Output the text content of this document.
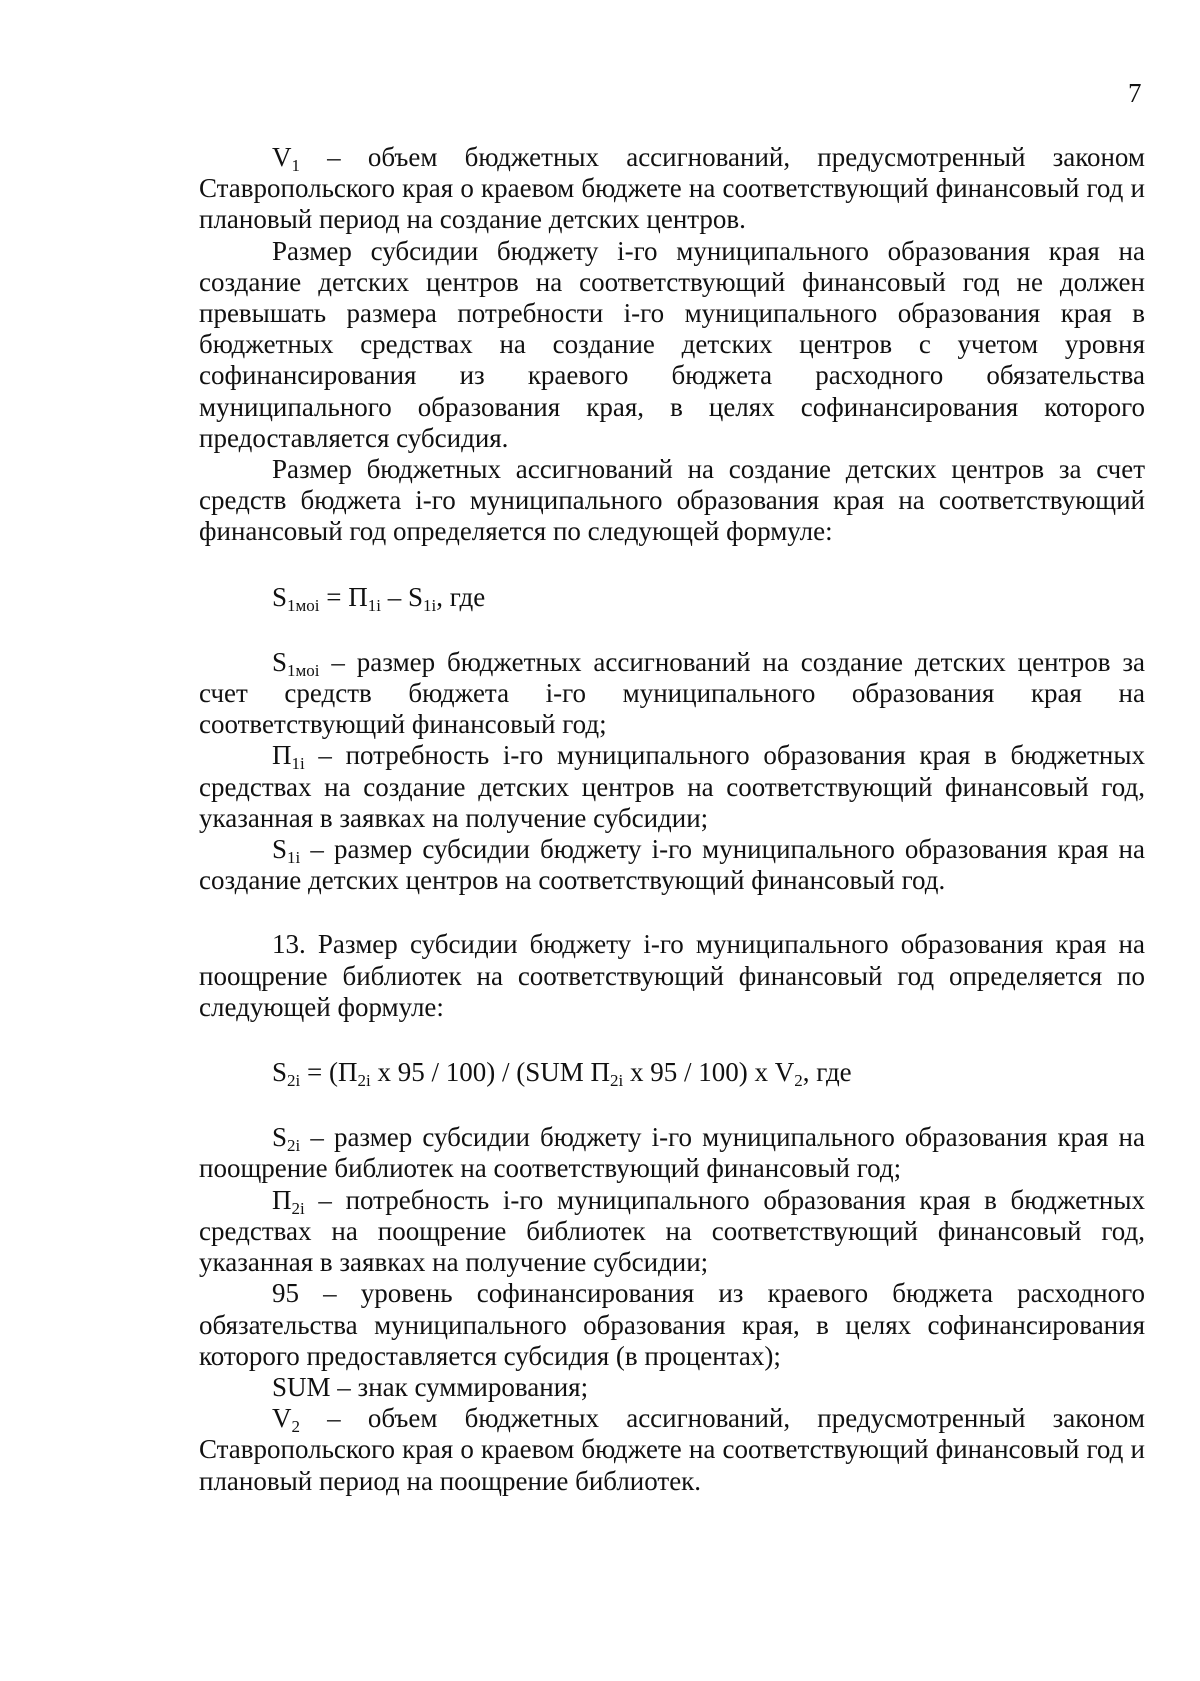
7

$V_1$ – объем бюджетных ассигнований, предусмотренный законом Ставропольского края о краевом бюджете на соответствующий финансовый год и плановый период на создание детских центров.

Размер субсидии бюджету i-го муниципального образования края на создание детских центров на соответствующий финансовый год не должен превышать размера потребности i-го муниципального образования края в бюджетных средствах на создание детских центров с учетом уровня софинансирования из краевого бюджета расходного обязательства муниципального образования края, в целях софинансирования которого предоставляется субсидия.

Размер бюджетных ассигнований на создание детских центров за счет средств бюджета i-го муниципального образования края на соответствующий финансовый год определяется по следующей формуле:

$S_{1моi} = П_{1i} - S_{1i}$, где

$S_{1моi}$ – размер бюджетных ассигнований на создание детских центров за счет средств бюджета i-го муниципального образования края на соответствующий финансовый год;

$П_{1i}$ – потребность i-го муниципального образования края в бюджетных средствах на создание детских центров на соответствующий финансовый год, указанная в заявках на получение субсидии;

$S_{1i}$ – размер субсидии бюджету i-го муниципального образования края на создание детских центров на соответствующий финансовый год.

13. Размер субсидии бюджету i-го муниципального образования края на поощрение библиотек на соответствующий финансовый год определяется по следующей формуле:

$S_{2i} = (П_{2i}$ х 95 / 100) / (SUM $П_{2i}$ х 95 / 100) х $V_2$, где

$S_{2i}$ – размер субсидии бюджету i-го муниципального образования края на поощрение библиотек на соответствующий финансовый год;

$П_{2i}$ – потребность i-го муниципального образования края в бюджетных средствах на поощрение библиотек на соответствующий финансовый год, указанная в заявках на получение субсидии;

95 – уровень софинансирования из краевого бюджета расходного обязательства муниципального образования края, в целях софинансирования которого предоставляется субсидия (в процентах);

SUM – знак суммирования;

$V_2$ – объем бюджетных ассигнований, предусмотренный законом Ставропольского края о краевом бюджете на соответствующий финансовый год и плановый период на поощрение библиотек.
